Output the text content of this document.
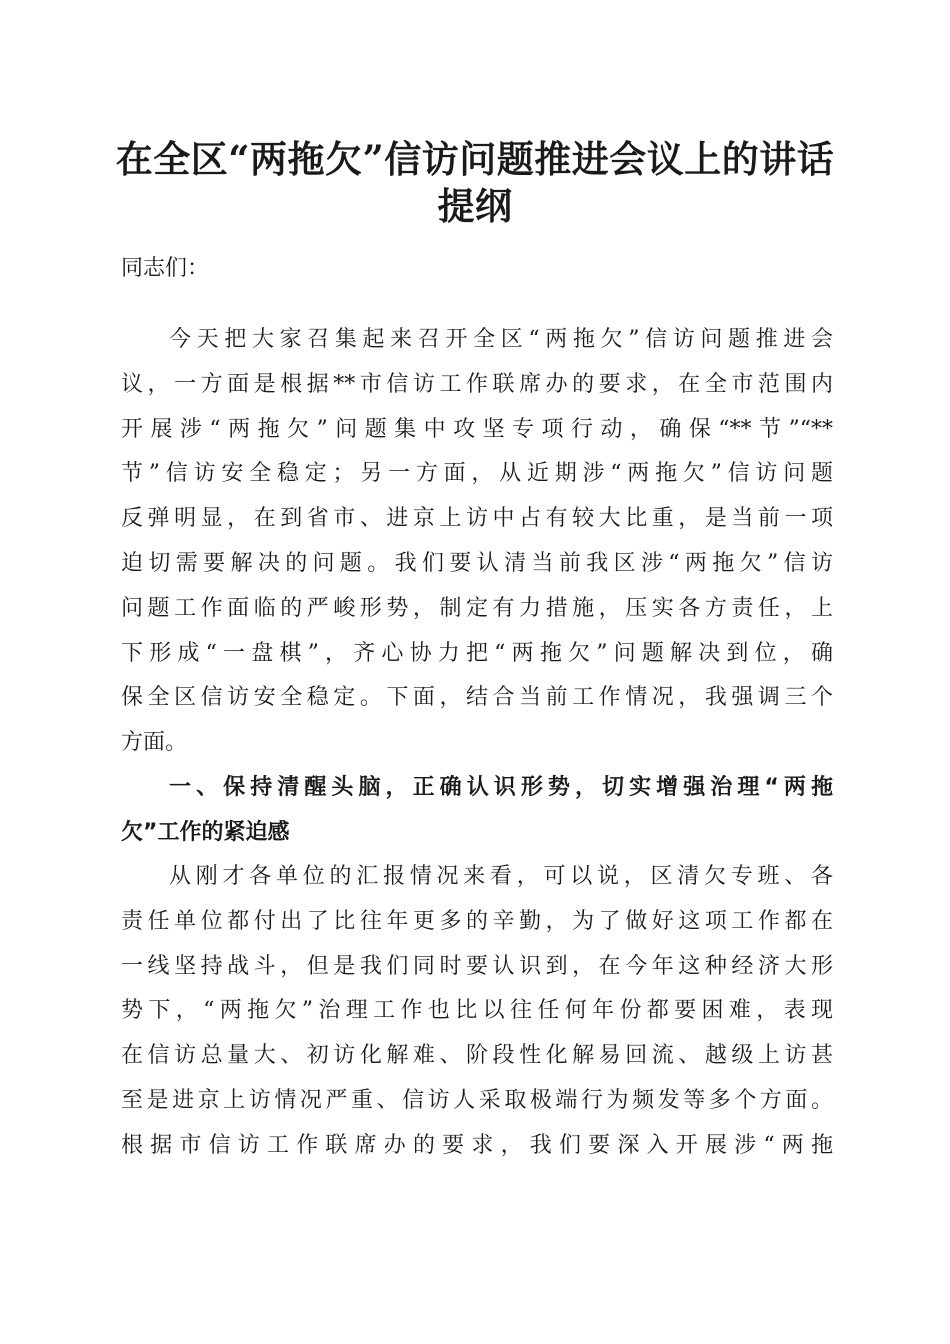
在全区“两拖欠”信访问题推进会议上的讲话
提纲

同志们：

今天把大家召集起来召开全区“两拖欠”信访问题推进会
议，一方面是根据**市信访工作联席办的要求，在全市范围内
开展涉“两拖欠”问题集中攻坚专项行动，确保“**节”“**
节”信访安全稳定；另一方面，从近期涉“两拖欠”信访问题
反弹明显，在到省市、进京上访中占有较大比重，是当前一项
迫切需要解决的问题。我们要认清当前我区涉“两拖欠”信访
问题工作面临的严峻形势，制定有力措施，压实各方责任，上
下形成“一盘棋”，齐心协力把“两拖欠”问题解决到位，确
保全区信访安全稳定。下面，结合当前工作情况，我强调三个
方面。
一、保持清醒头脑，正确认识形势，切实增强治理“两拖
欠”工作的紧迫感
从刚才各单位的汇报情况来看，可以说，区清欠专班、各
责任单位都付出了比往年更多的辛勤，为了做好这项工作都在
一线坚持战斗，但是我们同时要认识到，在今年这种经济大形
势下，“两拖欠”治理工作也比以往任何年份都要困难，表现
在信访总量大、初访化解难、阶段性化解易回流、越级上访甚
至是进京上访情况严重、信访人采取极端行为频发等多个方面。
根据市信访工作联席办的要求，我们要深入开展涉“两拖
